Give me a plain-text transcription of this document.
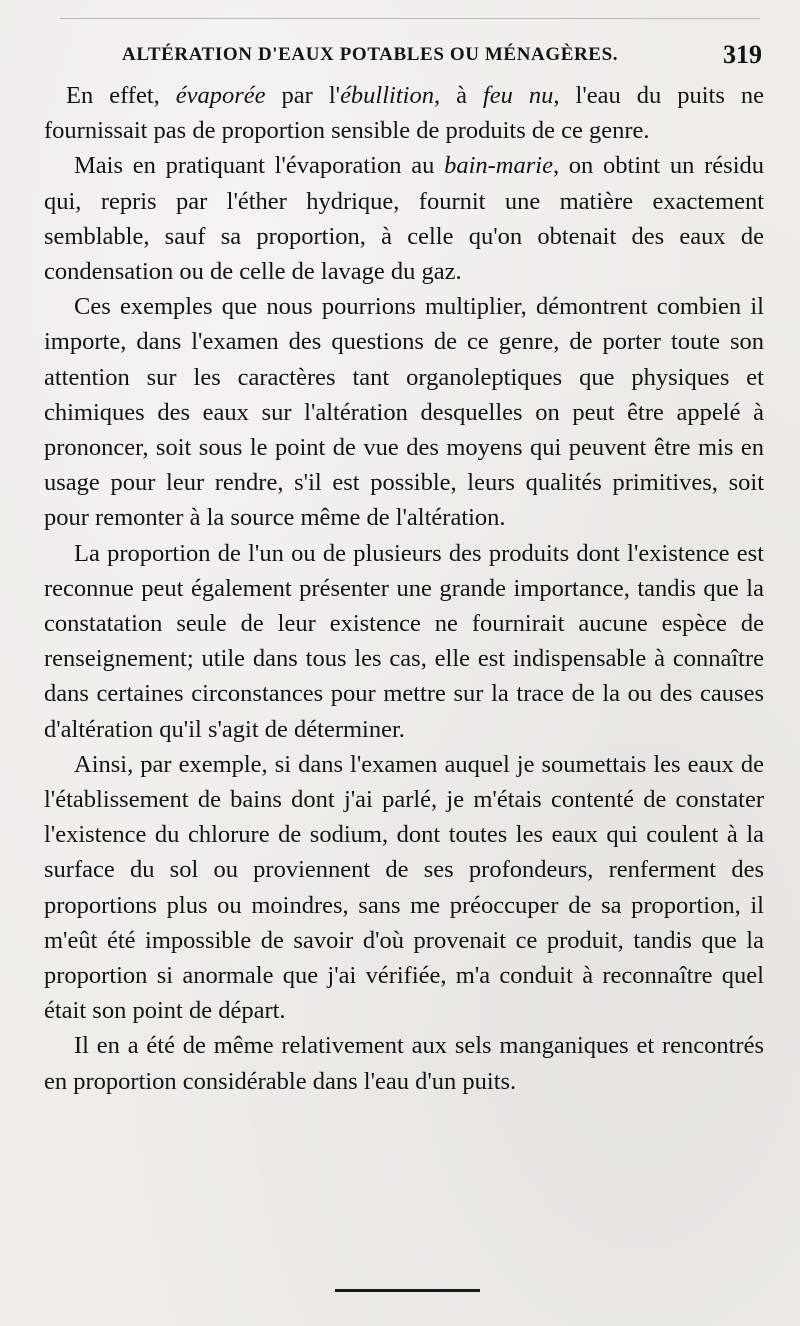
ALTÉRATION D'EAUX POTABLES OU MÉNAGÈRES.	319

En effet, évaporée par l'ébullition, à feu nu, l'eau du puits ne fournissait pas de proportion sensible de produits de ce genre.

Mais en pratiquant l'évaporation au bain-marie, on obtint un résidu qui, repris par l'éther hydrique, fournit une matière exactement semblable, sauf sa proportion, à celle qu'on obtenait des eaux de condensation ou de celle de lavage du gaz.

Ces exemples que nous pourrions multiplier, démontrent combien il importe, dans l'examen des questions de ce genre, de porter toute son attention sur les caractères tant organoleptiques que physiques et chimiques des eaux sur l'altération desquelles on peut être appelé à prononcer, soit sous le point de vue des moyens qui peuvent être mis en usage pour leur rendre, s'il est possible, leurs qualités primitives, soit pour remonter à la source même de l'altération.

La proportion de l'un ou de plusieurs des produits dont l'existence est reconnue peut également présenter une grande importance, tandis que la constatation seule de leur existence ne fournirait aucune espèce de renseignement; utile dans tous les cas, elle est indispensable à connaître dans certaines circonstances pour mettre sur la trace de la ou des causes d'altération qu'il s'agit de déterminer.

Ainsi, par exemple, si dans l'examen auquel je soumettais les eaux de l'établissement de bains dont j'ai parlé, je m'étais contenté de constater l'existence du chlorure de sodium, dont toutes les eaux qui coulent à la surface du sol ou proviennent de ses profondeurs, renferment des proportions plus ou moindres, sans me préoccuper de sa proportion, il m'eût été impossible de savoir d'où provenait ce produit, tandis que la proportion si anormale que j'ai vérifiée, m'a conduit à reconnaître quel était son point de départ.

Il en a été de même relativement aux sels manganiques et rencontrés en proportion considérable dans l'eau d'un puits.
